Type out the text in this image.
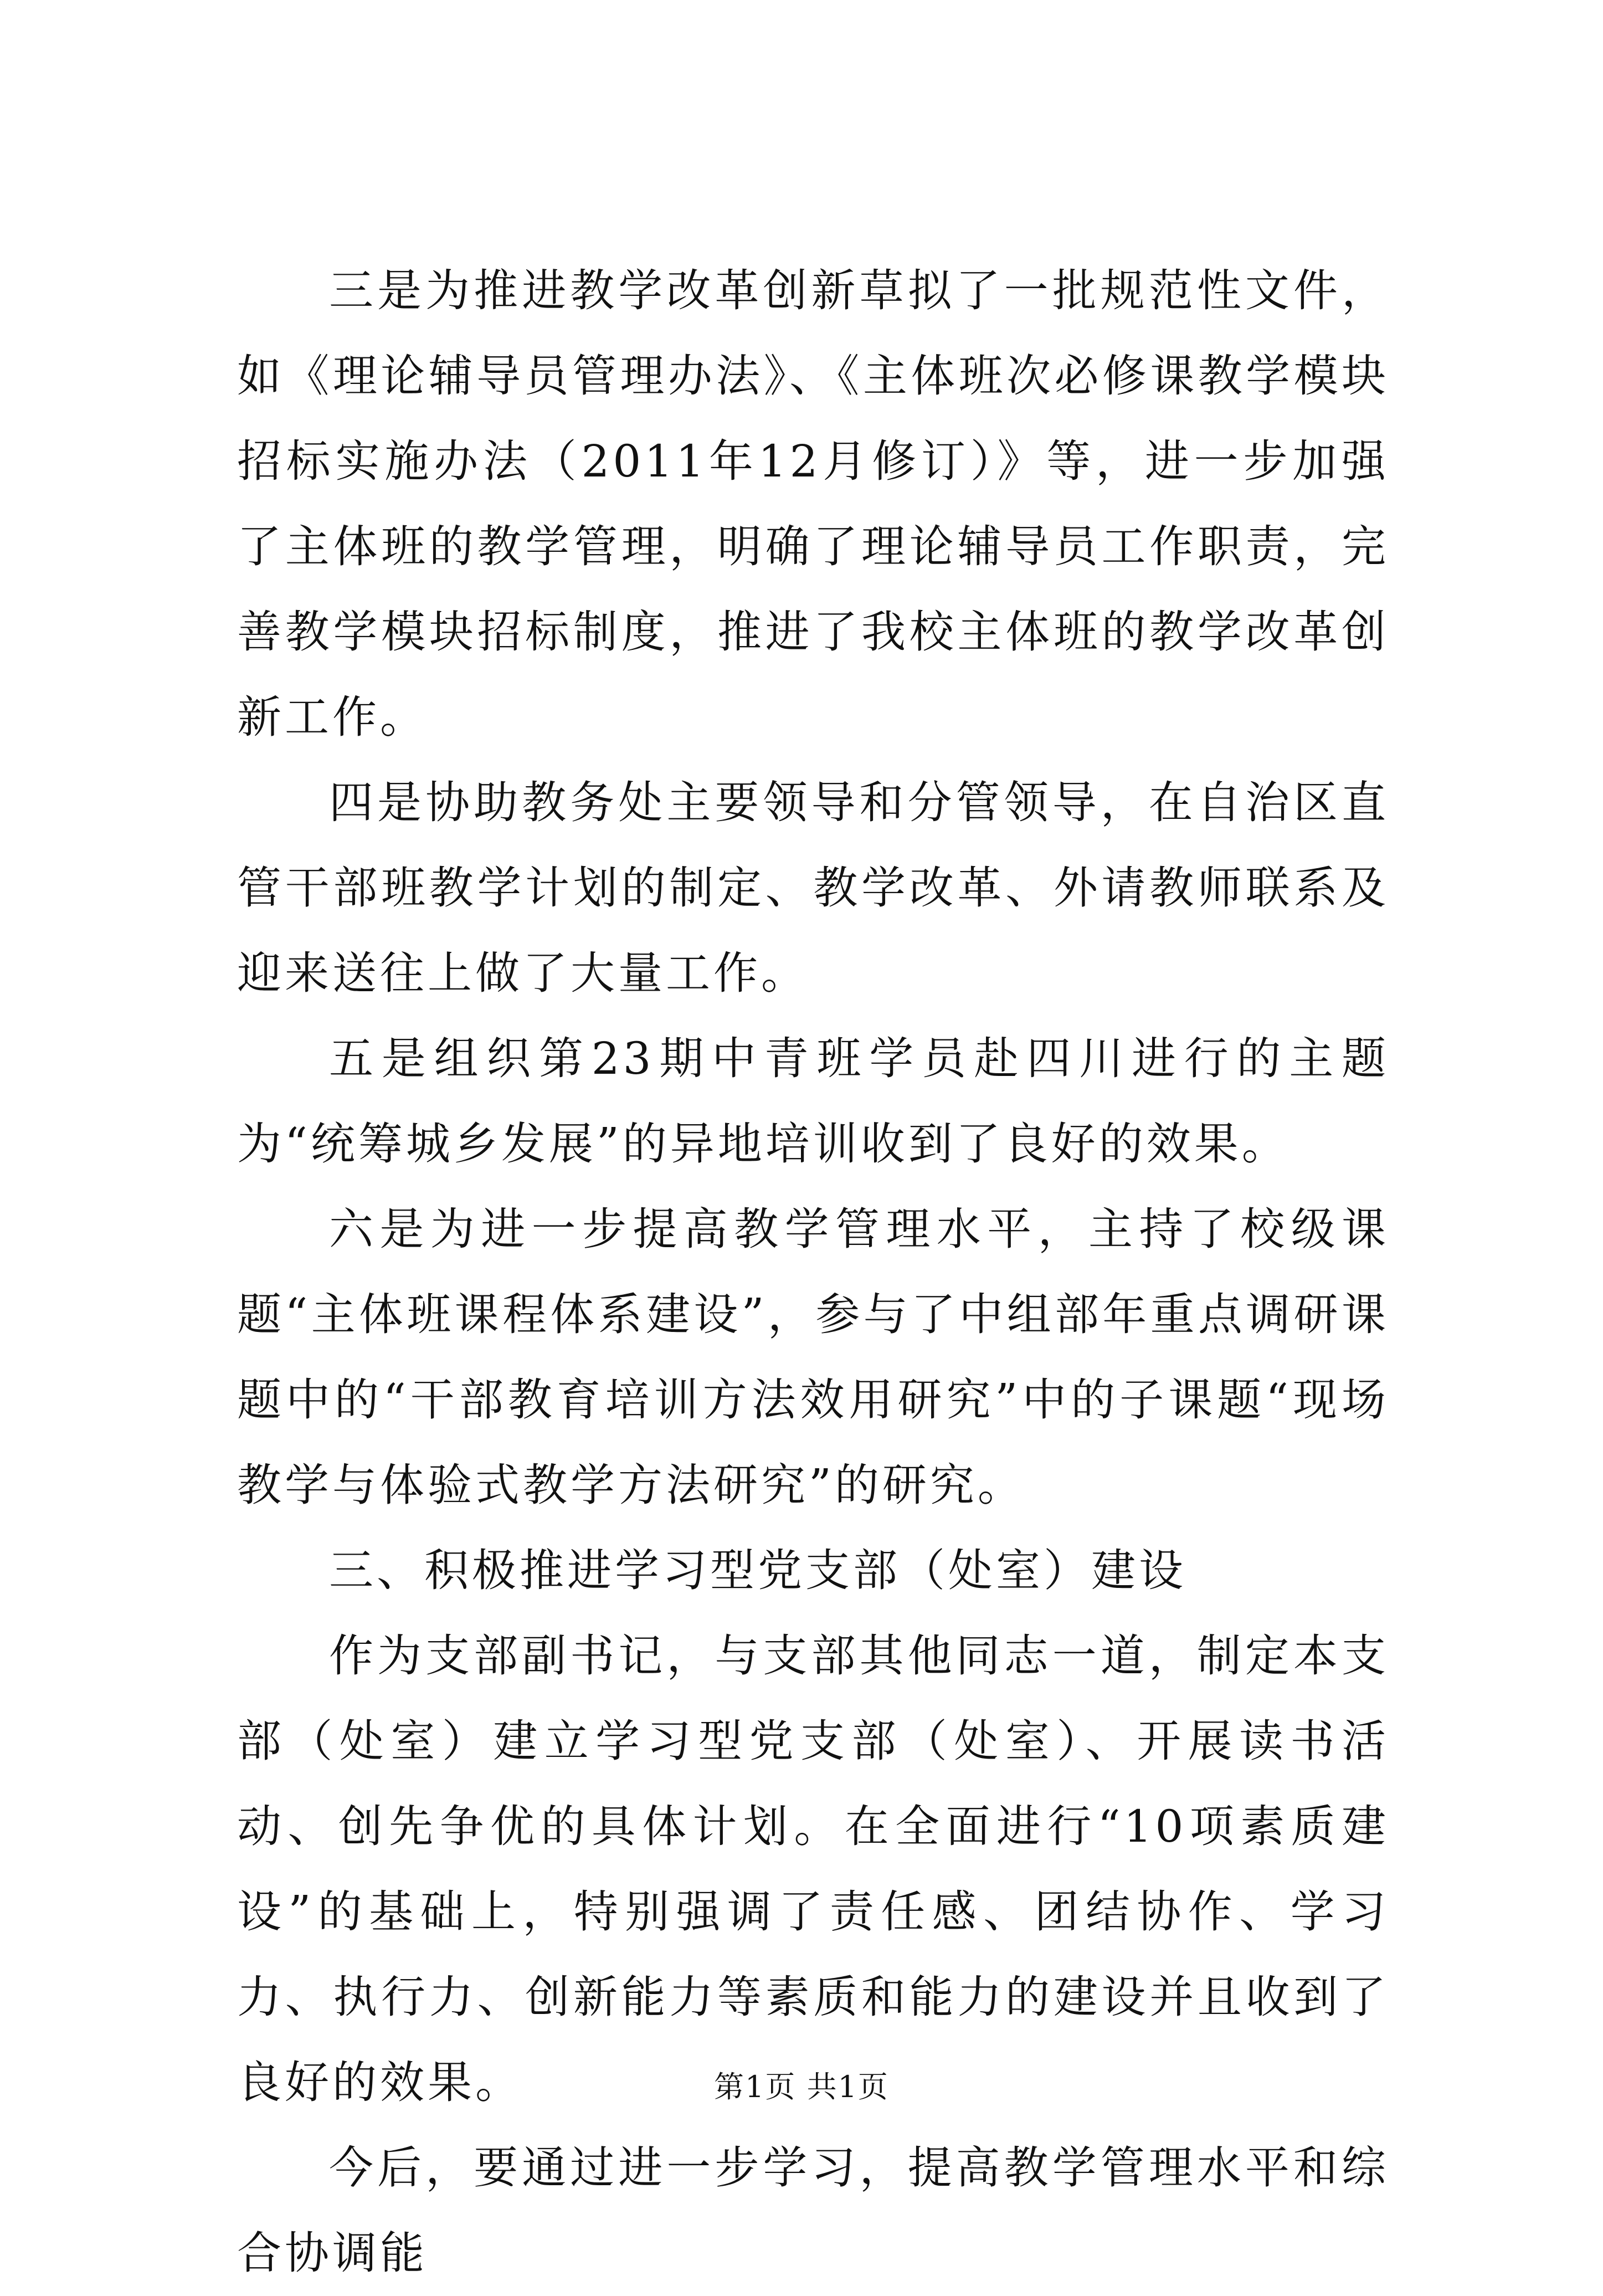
三是为推进教学改革创新草拟了一批规范性文件，如《理论辅导员管理办法》、《主体班次必修课教学模块招标实施办法（2011年12月修订）》等，进一步加强了主体班的教学管理，明确了理论辅导员工作职责，完善教学模块招标制度，推进了我校主体班的教学改革创新工作。

四是协助教务处主要领导和分管领导，在自治区直管干部班教学计划的制定、教学改革、外请教师联系及迎来送往上做了大量工作。

五是组织第23期中青班学员赴四川进行的主题为“统筹城乡发展”的异地培训收到了良好的效果。

六是为进一步提高教学管理水平，主持了校级课题“主体班课程体系建设”，参与了中组部年重点调研课题中的“干部教育培训方法效用研究”中的子课题“现场教学与体验式教学方法研究”的研究。

三、积极推进学习型党支部（处室）建设

作为支部副书记，与支部其他同志一道，制定本支部（处室）建立学习型党支部（处室）、开展读书活动、创先争优的具体计划。在全面进行“10项素质建设”的基础上，特别强调了责任感、团结协作、学习力、执行力、创新能力等素质和能力的建设并且收到了良好的效果。

今后，要通过进一步学习，提高教学管理水平和综合协调能

第1页 共1页
